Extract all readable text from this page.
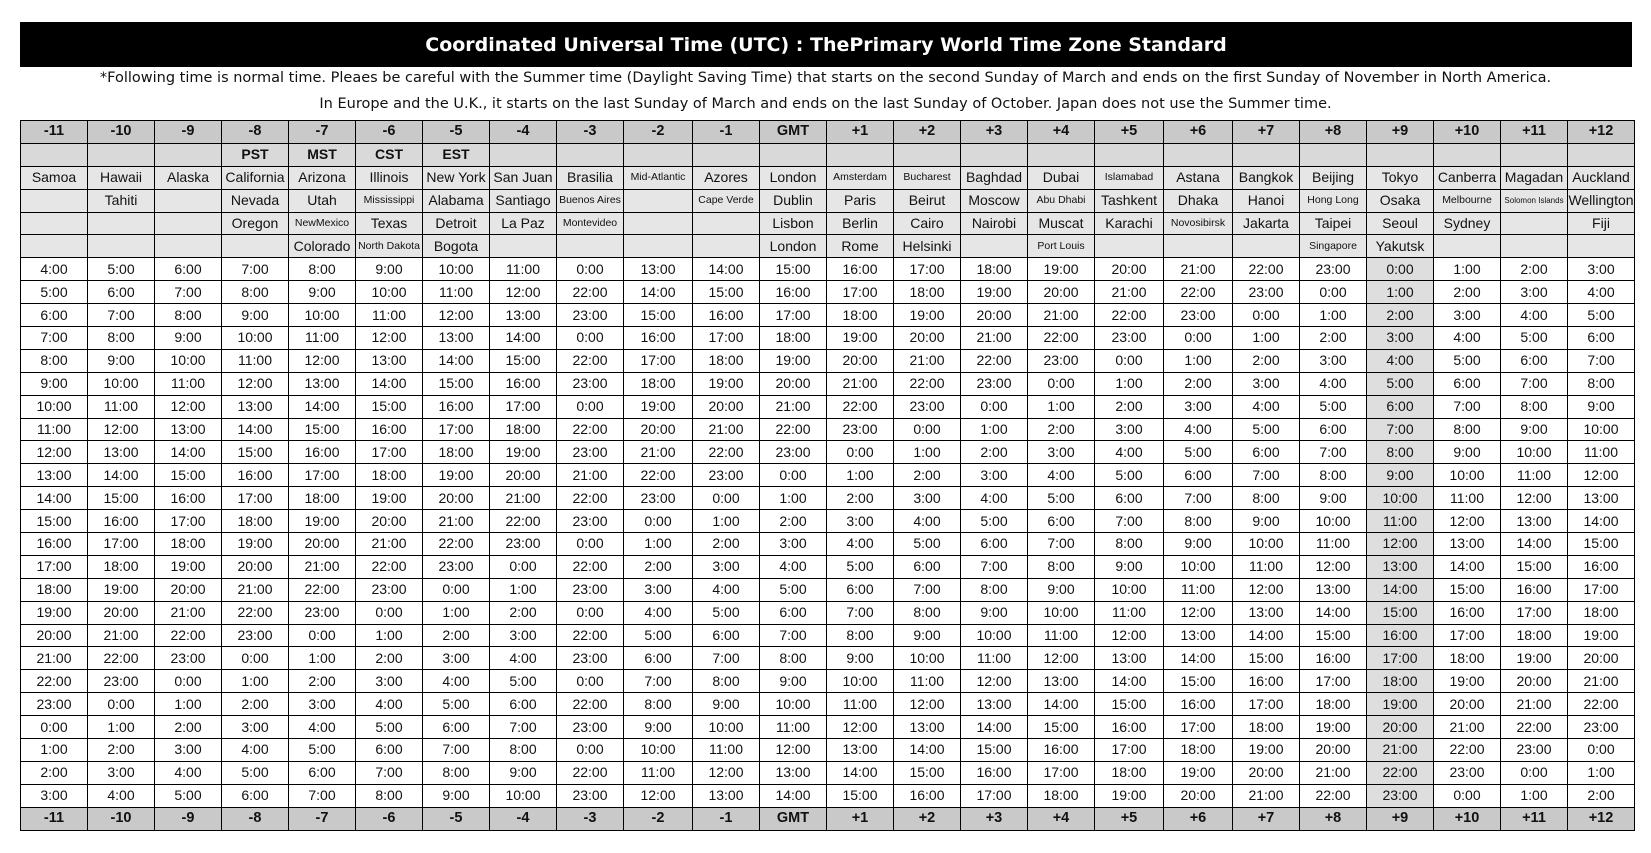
Coordinated Universal Time (UTC) : ThePrimary World Time Zone Standard
*Following time is normal time. Pleaes be careful with the Summer time (Daylight Saving Time) that starts on the second Sunday of March and ends on the first Sunday of November in North America.
In Europe and the U.K., it starts on the last Sunday of March and ends on the last Sunday of October. Japan does not use the Summer time.
-11	-10	-9	-8	-7	-6	-5	-4	-3	-2	-1	GMT	+1	+2	+3	+4	+5	+6	+7	+8	+9	+10	+11	+12
			PST	MST	CST	EST																	
Samoa	Hawaii	Alaska	California	Arizona	Illinois	New York	San Juan	Brasilia	Mid-Atlantic	Azores	London	Amsterdam	Bucharest	Baghdad	Dubai	Islamabad	Astana	Bangkok	Beijing	Tokyo	Canberra	Magadan	Auckland
	Tahiti		Nevada	Utah	Mississippi	Alabama	Santiago	Buenos Aires		Cape Verde	Dublin	Paris	Beirut	Moscow	Abu Dhabi	Tashkent	Dhaka	Hanoi	Hong Long	Osaka	Melbourne	Solomon Islands	Wellington
			Oregon	NewMexico	Texas	Detroit	La Paz	Montevideo			Lisbon	Berlin	Cairo	Nairobi	Muscat	Karachi	Novosibirsk	Jakarta	Taipei	Seoul	Sydney		Fiji
				Colorado	North Dakota	Bogota					London	Rome	Helsinki		Port Louis				Singapore	Yakutsk			
4:00	5:00	6:00	7:00	8:00	9:00	10:00	11:00	0:00	13:00	14:00	15:00	16:00	17:00	18:00	19:00	20:00	21:00	22:00	23:00	0:00	1:00	2:00	3:00
5:00	6:00	7:00	8:00	9:00	10:00	11:00	12:00	22:00	14:00	15:00	16:00	17:00	18:00	19:00	20:00	21:00	22:00	23:00	0:00	1:00	2:00	3:00	4:00
6:00	7:00	8:00	9:00	10:00	11:00	12:00	13:00	23:00	15:00	16:00	17:00	18:00	19:00	20:00	21:00	22:00	23:00	0:00	1:00	2:00	3:00	4:00	5:00
7:00	8:00	9:00	10:00	11:00	12:00	13:00	14:00	0:00	16:00	17:00	18:00	19:00	20:00	21:00	22:00	23:00	0:00	1:00	2:00	3:00	4:00	5:00	6:00
8:00	9:00	10:00	11:00	12:00	13:00	14:00	15:00	22:00	17:00	18:00	19:00	20:00	21:00	22:00	23:00	0:00	1:00	2:00	3:00	4:00	5:00	6:00	7:00
9:00	10:00	11:00	12:00	13:00	14:00	15:00	16:00	23:00	18:00	19:00	20:00	21:00	22:00	23:00	0:00	1:00	2:00	3:00	4:00	5:00	6:00	7:00	8:00
10:00	11:00	12:00	13:00	14:00	15:00	16:00	17:00	0:00	19:00	20:00	21:00	22:00	23:00	0:00	1:00	2:00	3:00	4:00	5:00	6:00	7:00	8:00	9:00
11:00	12:00	13:00	14:00	15:00	16:00	17:00	18:00	22:00	20:00	21:00	22:00	23:00	0:00	1:00	2:00	3:00	4:00	5:00	6:00	7:00	8:00	9:00	10:00
12:00	13:00	14:00	15:00	16:00	17:00	18:00	19:00	23:00	21:00	22:00	23:00	0:00	1:00	2:00	3:00	4:00	5:00	6:00	7:00	8:00	9:00	10:00	11:00
13:00	14:00	15:00	16:00	17:00	18:00	19:00	20:00	21:00	22:00	23:00	0:00	1:00	2:00	3:00	4:00	5:00	6:00	7:00	8:00	9:00	10:00	11:00	12:00
14:00	15:00	16:00	17:00	18:00	19:00	20:00	21:00	22:00	23:00	0:00	1:00	2:00	3:00	4:00	5:00	6:00	7:00	8:00	9:00	10:00	11:00	12:00	13:00
15:00	16:00	17:00	18:00	19:00	20:00	21:00	22:00	23:00	0:00	1:00	2:00	3:00	4:00	5:00	6:00	7:00	8:00	9:00	10:00	11:00	12:00	13:00	14:00
16:00	17:00	18:00	19:00	20:00	21:00	22:00	23:00	0:00	1:00	2:00	3:00	4:00	5:00	6:00	7:00	8:00	9:00	10:00	11:00	12:00	13:00	14:00	15:00
17:00	18:00	19:00	20:00	21:00	22:00	23:00	0:00	22:00	2:00	3:00	4:00	5:00	6:00	7:00	8:00	9:00	10:00	11:00	12:00	13:00	14:00	15:00	16:00
18:00	19:00	20:00	21:00	22:00	23:00	0:00	1:00	23:00	3:00	4:00	5:00	6:00	7:00	8:00	9:00	10:00	11:00	12:00	13:00	14:00	15:00	16:00	17:00
19:00	20:00	21:00	22:00	23:00	0:00	1:00	2:00	0:00	4:00	5:00	6:00	7:00	8:00	9:00	10:00	11:00	12:00	13:00	14:00	15:00	16:00	17:00	18:00
20:00	21:00	22:00	23:00	0:00	1:00	2:00	3:00	22:00	5:00	6:00	7:00	8:00	9:00	10:00	11:00	12:00	13:00	14:00	15:00	16:00	17:00	18:00	19:00
21:00	22:00	23:00	0:00	1:00	2:00	3:00	4:00	23:00	6:00	7:00	8:00	9:00	10:00	11:00	12:00	13:00	14:00	15:00	16:00	17:00	18:00	19:00	20:00
22:00	23:00	0:00	1:00	2:00	3:00	4:00	5:00	0:00	7:00	8:00	9:00	10:00	11:00	12:00	13:00	14:00	15:00	16:00	17:00	18:00	19:00	20:00	21:00
23:00	0:00	1:00	2:00	3:00	4:00	5:00	6:00	22:00	8:00	9:00	10:00	11:00	12:00	13:00	14:00	15:00	16:00	17:00	18:00	19:00	20:00	21:00	22:00
0:00	1:00	2:00	3:00	4:00	5:00	6:00	7:00	23:00	9:00	10:00	11:00	12:00	13:00	14:00	15:00	16:00	17:00	18:00	19:00	20:00	21:00	22:00	23:00
1:00	2:00	3:00	4:00	5:00	6:00	7:00	8:00	0:00	10:00	11:00	12:00	13:00	14:00	15:00	16:00	17:00	18:00	19:00	20:00	21:00	22:00	23:00	0:00
2:00	3:00	4:00	5:00	6:00	7:00	8:00	9:00	22:00	11:00	12:00	13:00	14:00	15:00	16:00	17:00	18:00	19:00	20:00	21:00	22:00	23:00	0:00	1:00
3:00	4:00	5:00	6:00	7:00	8:00	9:00	10:00	23:00	12:00	13:00	14:00	15:00	16:00	17:00	18:00	19:00	20:00	21:00	22:00	23:00	0:00	1:00	2:00
-11	-10	-9	-8	-7	-6	-5	-4	-3	-2	-1	GMT	+1	+2	+3	+4	+5	+6	+7	+8	+9	+10	+11	+12
